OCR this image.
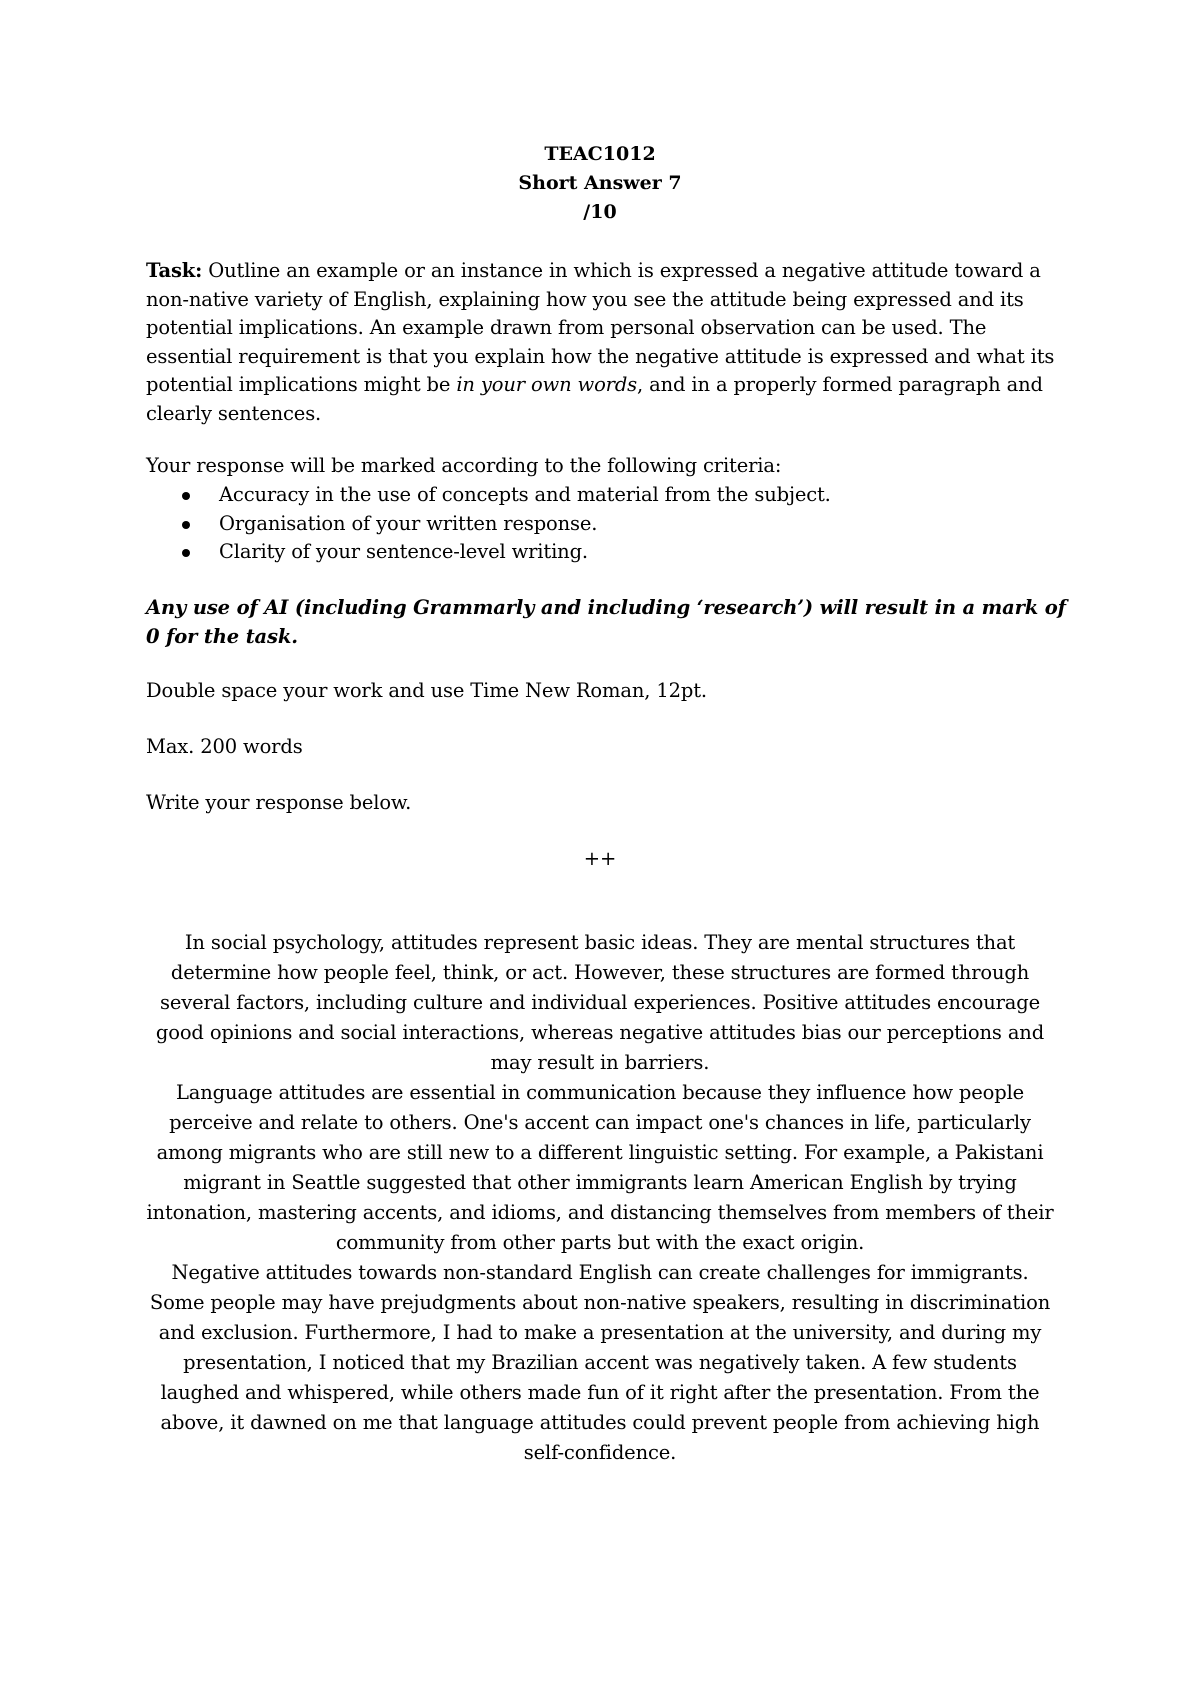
TEAC1012
Short Answer 7
/10
Task: Outline an example or an instance in which is expressed a negative attitude toward a non-native variety of English, explaining how you see the attitude being expressed and its potential implications. An example drawn from personal observation can be used. The essential requirement is that you explain how the negative attitude is expressed and what its potential implications might be in your own words, and in a properly formed paragraph and clearly sentences.
Your response will be marked according to the following criteria:
Accuracy in the use of concepts and material from the subject.
Organisation of your written response.
Clarity of your sentence-level writing.
Any use of AI (including Grammarly and including ‘research’) will result in a mark of 0 for the task.
Double space your work and use Time New Roman, 12pt.
Max. 200 words
Write your response below.
++

In social psychology, attitudes represent basic ideas. They are mental structures that determine how people feel, think, or act. However, these structures are formed through several factors, including culture and individual experiences. Positive attitudes encourage good opinions and social interactions, whereas negative attitudes bias our perceptions and may result in barriers.

Language attitudes are essential in communication because they influence how people perceive and relate to others. One's accent can impact one's chances in life, particularly among migrants who are still new to a different linguistic setting. For example, a Pakistani migrant in Seattle suggested that other immigrants learn American English by trying intonation, mastering accents, and idioms, and distancing themselves from members of their community from other parts but with the exact origin.

Negative attitudes towards non-standard English can create challenges for immigrants. Some people may have prejudgments about non-native speakers, resulting in discrimination and exclusion. Furthermore, I had to make a presentation at the university, and during my presentation, I noticed that my Brazilian accent was negatively taken. A few students laughed and whispered, while others made fun of it right after the presentation. From the above, it dawned on me that language attitudes could prevent people from achieving high self-confidence.
